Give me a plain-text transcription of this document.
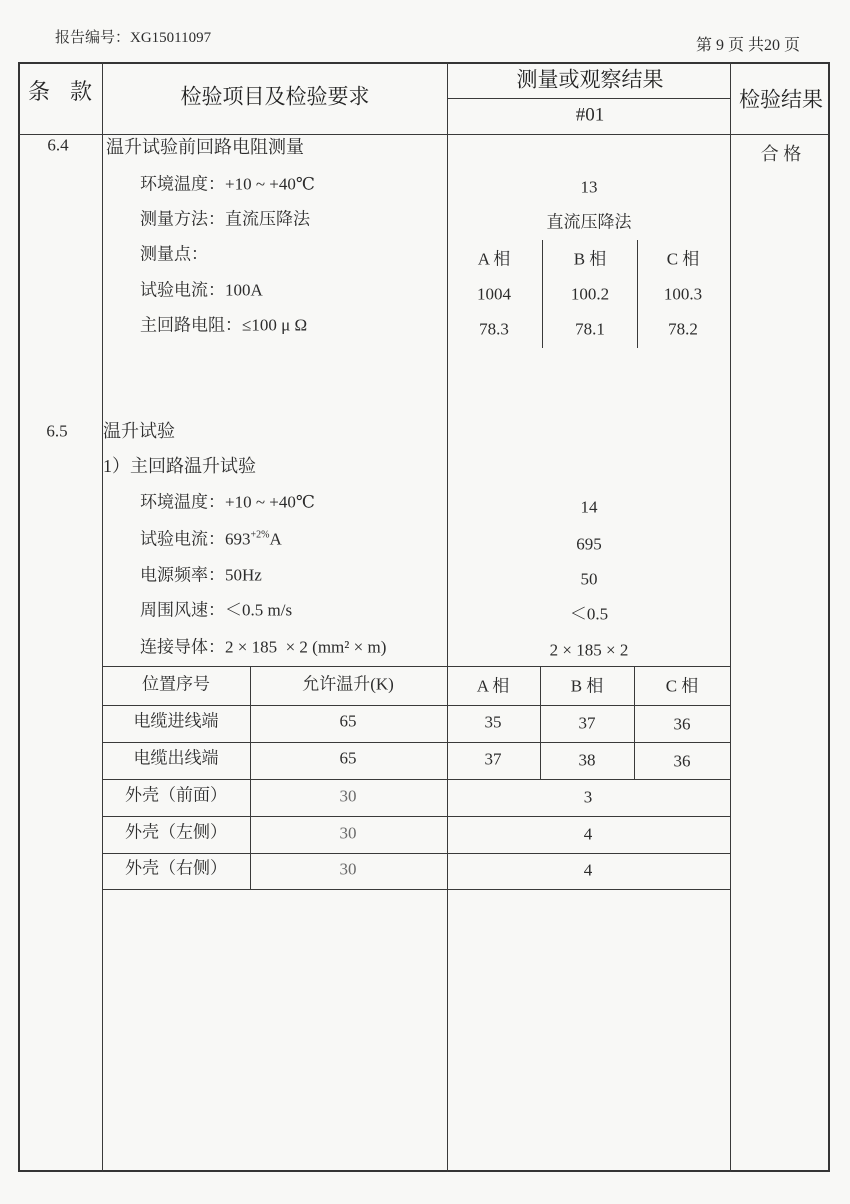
报告编号：XG15011097	第 9 页 共20 页
条 款	检验项目及检验要求
测量或观察结果
#01
检验结果
6.4 温升试验前回路电阻测量	合 格
环境温度：+10 ~ +40℃	13
测量方法：直流压降法	直流压降法
测量点：	A 相	B 相	C 相
试验电流：100A	1004	100.2	100.3
主回路电阻：≤100 μ Ω	78.3	78.1	78.2
6.5 温升试验
1）主回路温升试验
环境温度：+10 ~ +40℃	14
试验电流：$693^{+2\%}A$	695
电源频率：50Hz	50
周围风速：＜0.5 m/s	＜0.5
连接导体：2 × 185  × 2 (mm² × m)	2 × 185 × 2
位置序号	允许温升(K)	A 相	B 相	C 相
电缆进线端	65	35	37	36
电缆出线端	65	37	38	36
外壳（前面）	30	3
外壳（左侧）	30	4
外壳（右侧）	30	4
